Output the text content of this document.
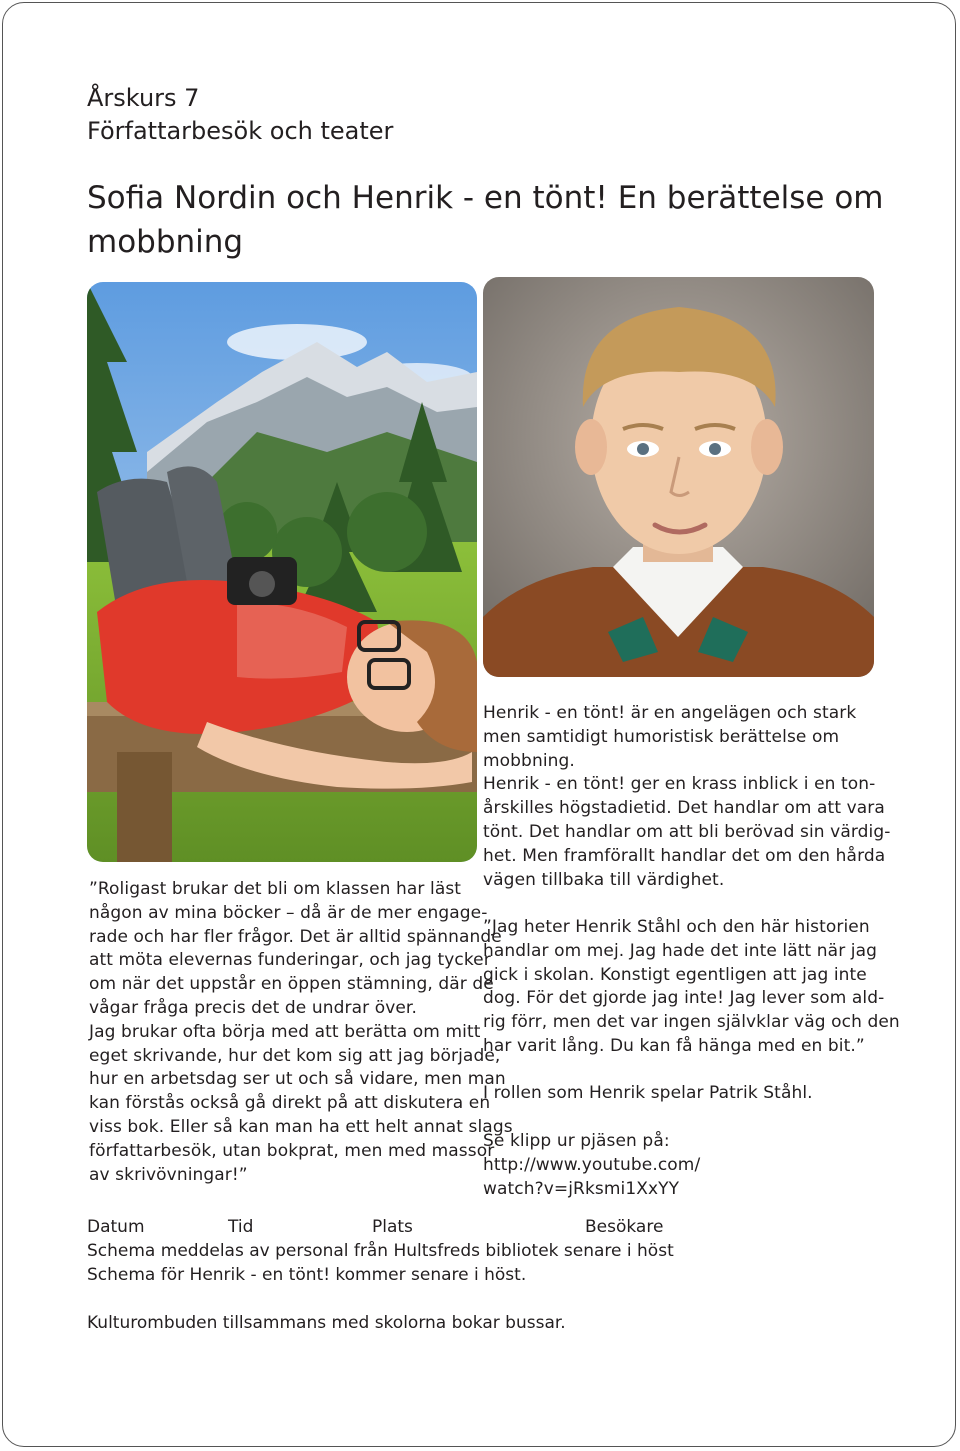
Årskurs 7
Författarbesök och teater
Sofia Nordin och Henrik - en tönt! En berättelse om
mobbning
Henrik - en tönt! är en angelägen och stark
men samtidigt humoristisk berättelse om
mobbning.
Henrik - en tönt! ger en krass inblick i en ton-
årskilles högstadietid. Det handlar om att vara
tönt. Det handlar om att bli berövad sin värdig-
het. Men framförallt handlar det om den hårda
vägen tillbaka till värdighet.
”Roligast brukar det bli om klassen har läst
någon av mina böcker – då är de mer engage-
rade och har fler frågor. Det är alltid spännande
att möta elevernas funderingar, och jag tycker
om när det uppstår en öppen stämning, där de
vågar fråga precis det de undrar över.
Jag brukar ofta börja med att berätta om mitt
eget skrivande, hur det kom sig att jag började,
hur en arbetsdag ser ut och så vidare, men man
kan förstås också gå direkt på att diskutera en
viss bok. Eller så kan man ha ett helt annat slags
författarbesök, utan bokprat, men med massor
av skrivövningar!”
”Jag heter Henrik Ståhl och den här historien
handlar om mej. Jag hade det inte lätt när jag
gick i skolan. Konstigt egentligen att jag inte
dog. För det gjorde jag inte! Jag lever som ald-
rig förr, men det var ingen självklar väg och den
har varit lång. Du kan få hänga med en bit.”
I rollen som Henrik spelar Patrik Ståhl.
Se klipp ur pjäsen på:
http://www.youtube.com/
watch?v=jRksmi1XxYY
Datum	Tid	Plats	Besökare
Schema meddelas av personal från Hultsfreds bibliotek senare i höst
Schema för Henrik - en tönt! kommer senare i höst.
Kulturombuden tillsammans med skolorna bokar bussar.
